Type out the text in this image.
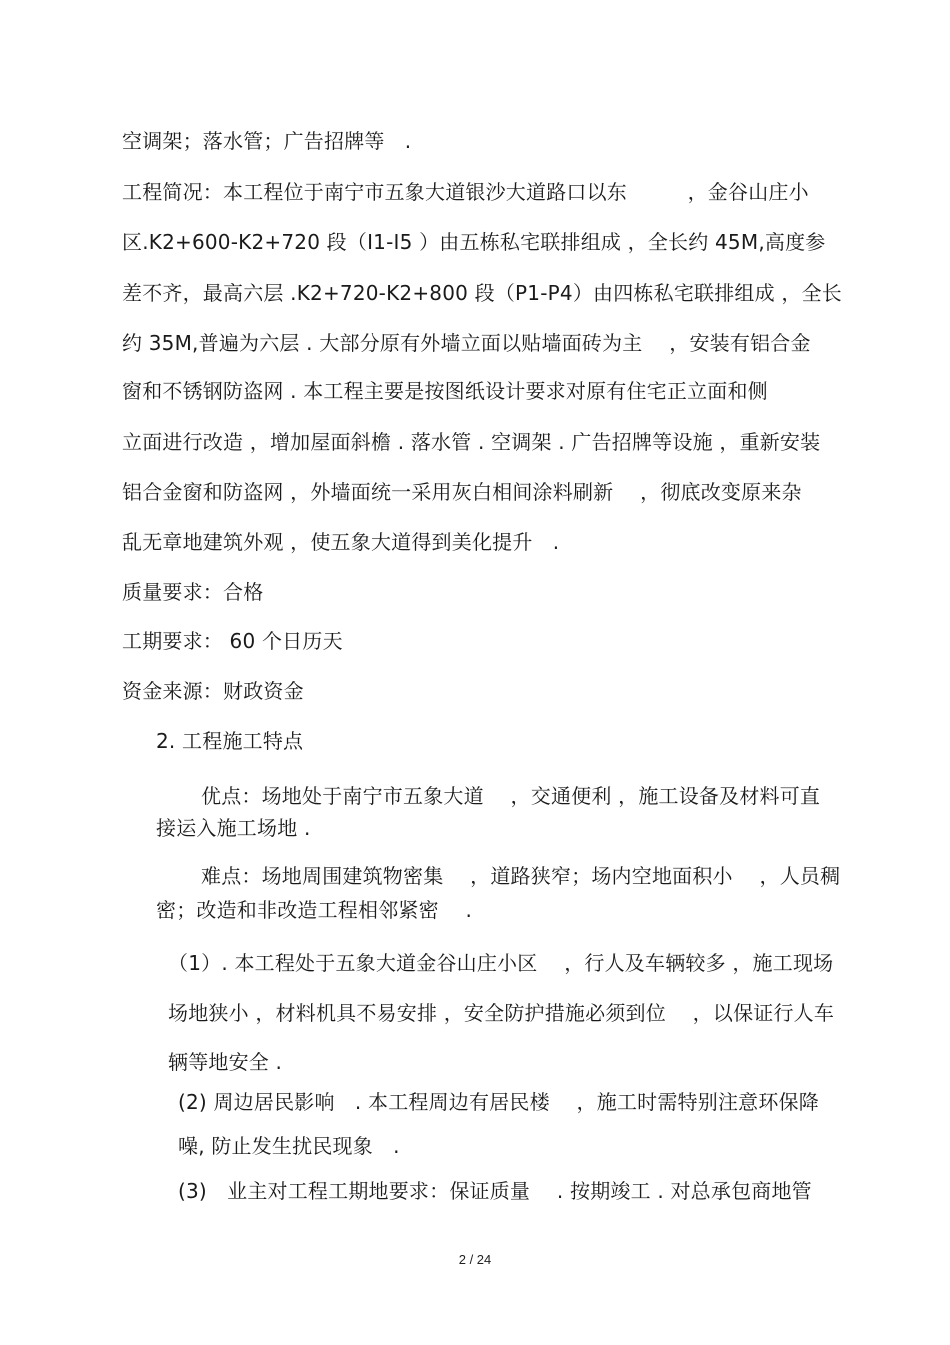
空调架；落水管；广告招牌等　.
工程简况：本工程位于南宁市五象大道银沙大道路口以东　　　，金谷山庄小
区.K2+600-K2+720 段（I1-I5 ）由五栋私宅联排组成 ，全长约 45M,高度参
差不齐，最高六层 .K2+720-K2+800 段（P1-P4）由四栋私宅联排组成 ，全长
约 35M,普遍为六层 . 大部分原有外墙立面以贴墙面砖为主　 ，安装有铝合金
窗和不锈钢防盗网 . 本工程主要是按图纸设计要求对原有住宅正立面和侧
立面进行改造 ，增加屋面斜檐 . 落水管 . 空调架 . 广告招牌等设施 ，重新安装
铝合金窗和防盗网 ，外墙面统一采用灰白相间涂料刷新　 ，彻底改变原来杂
乱无章地建筑外观 ，使五象大道得到美化提升　.
质量要求：合格
工期要求： 60 个日历天
资金来源：财政资金
2. 工程施工特点
优点：场地处于南宁市五象大道　 ，交通便利 ，施工设备及材料可直
接运入施工场地 .
难点：场地周围建筑物密集　 ，道路狭窄；场内空地面积小　 ，人员稠
密；改造和非改造工程相邻紧密　 .
（1）. 本工程处于五象大道金谷山庄小区　 ，行人及车辆较多 ，施工现场
场地狭小 ，材料机具不易安排 ，安全防护措施必须到位　 ，以保证行人车
辆等地安全 .
(2) 周边居民影响　. 本工程周边有居民楼　 ，施工时需特别注意环保降
噪, 防止发生扰民现象　.
(3)　业主对工程工期地要求：保证质量　 . 按期竣工 . 对总承包商地管
2 / 24
